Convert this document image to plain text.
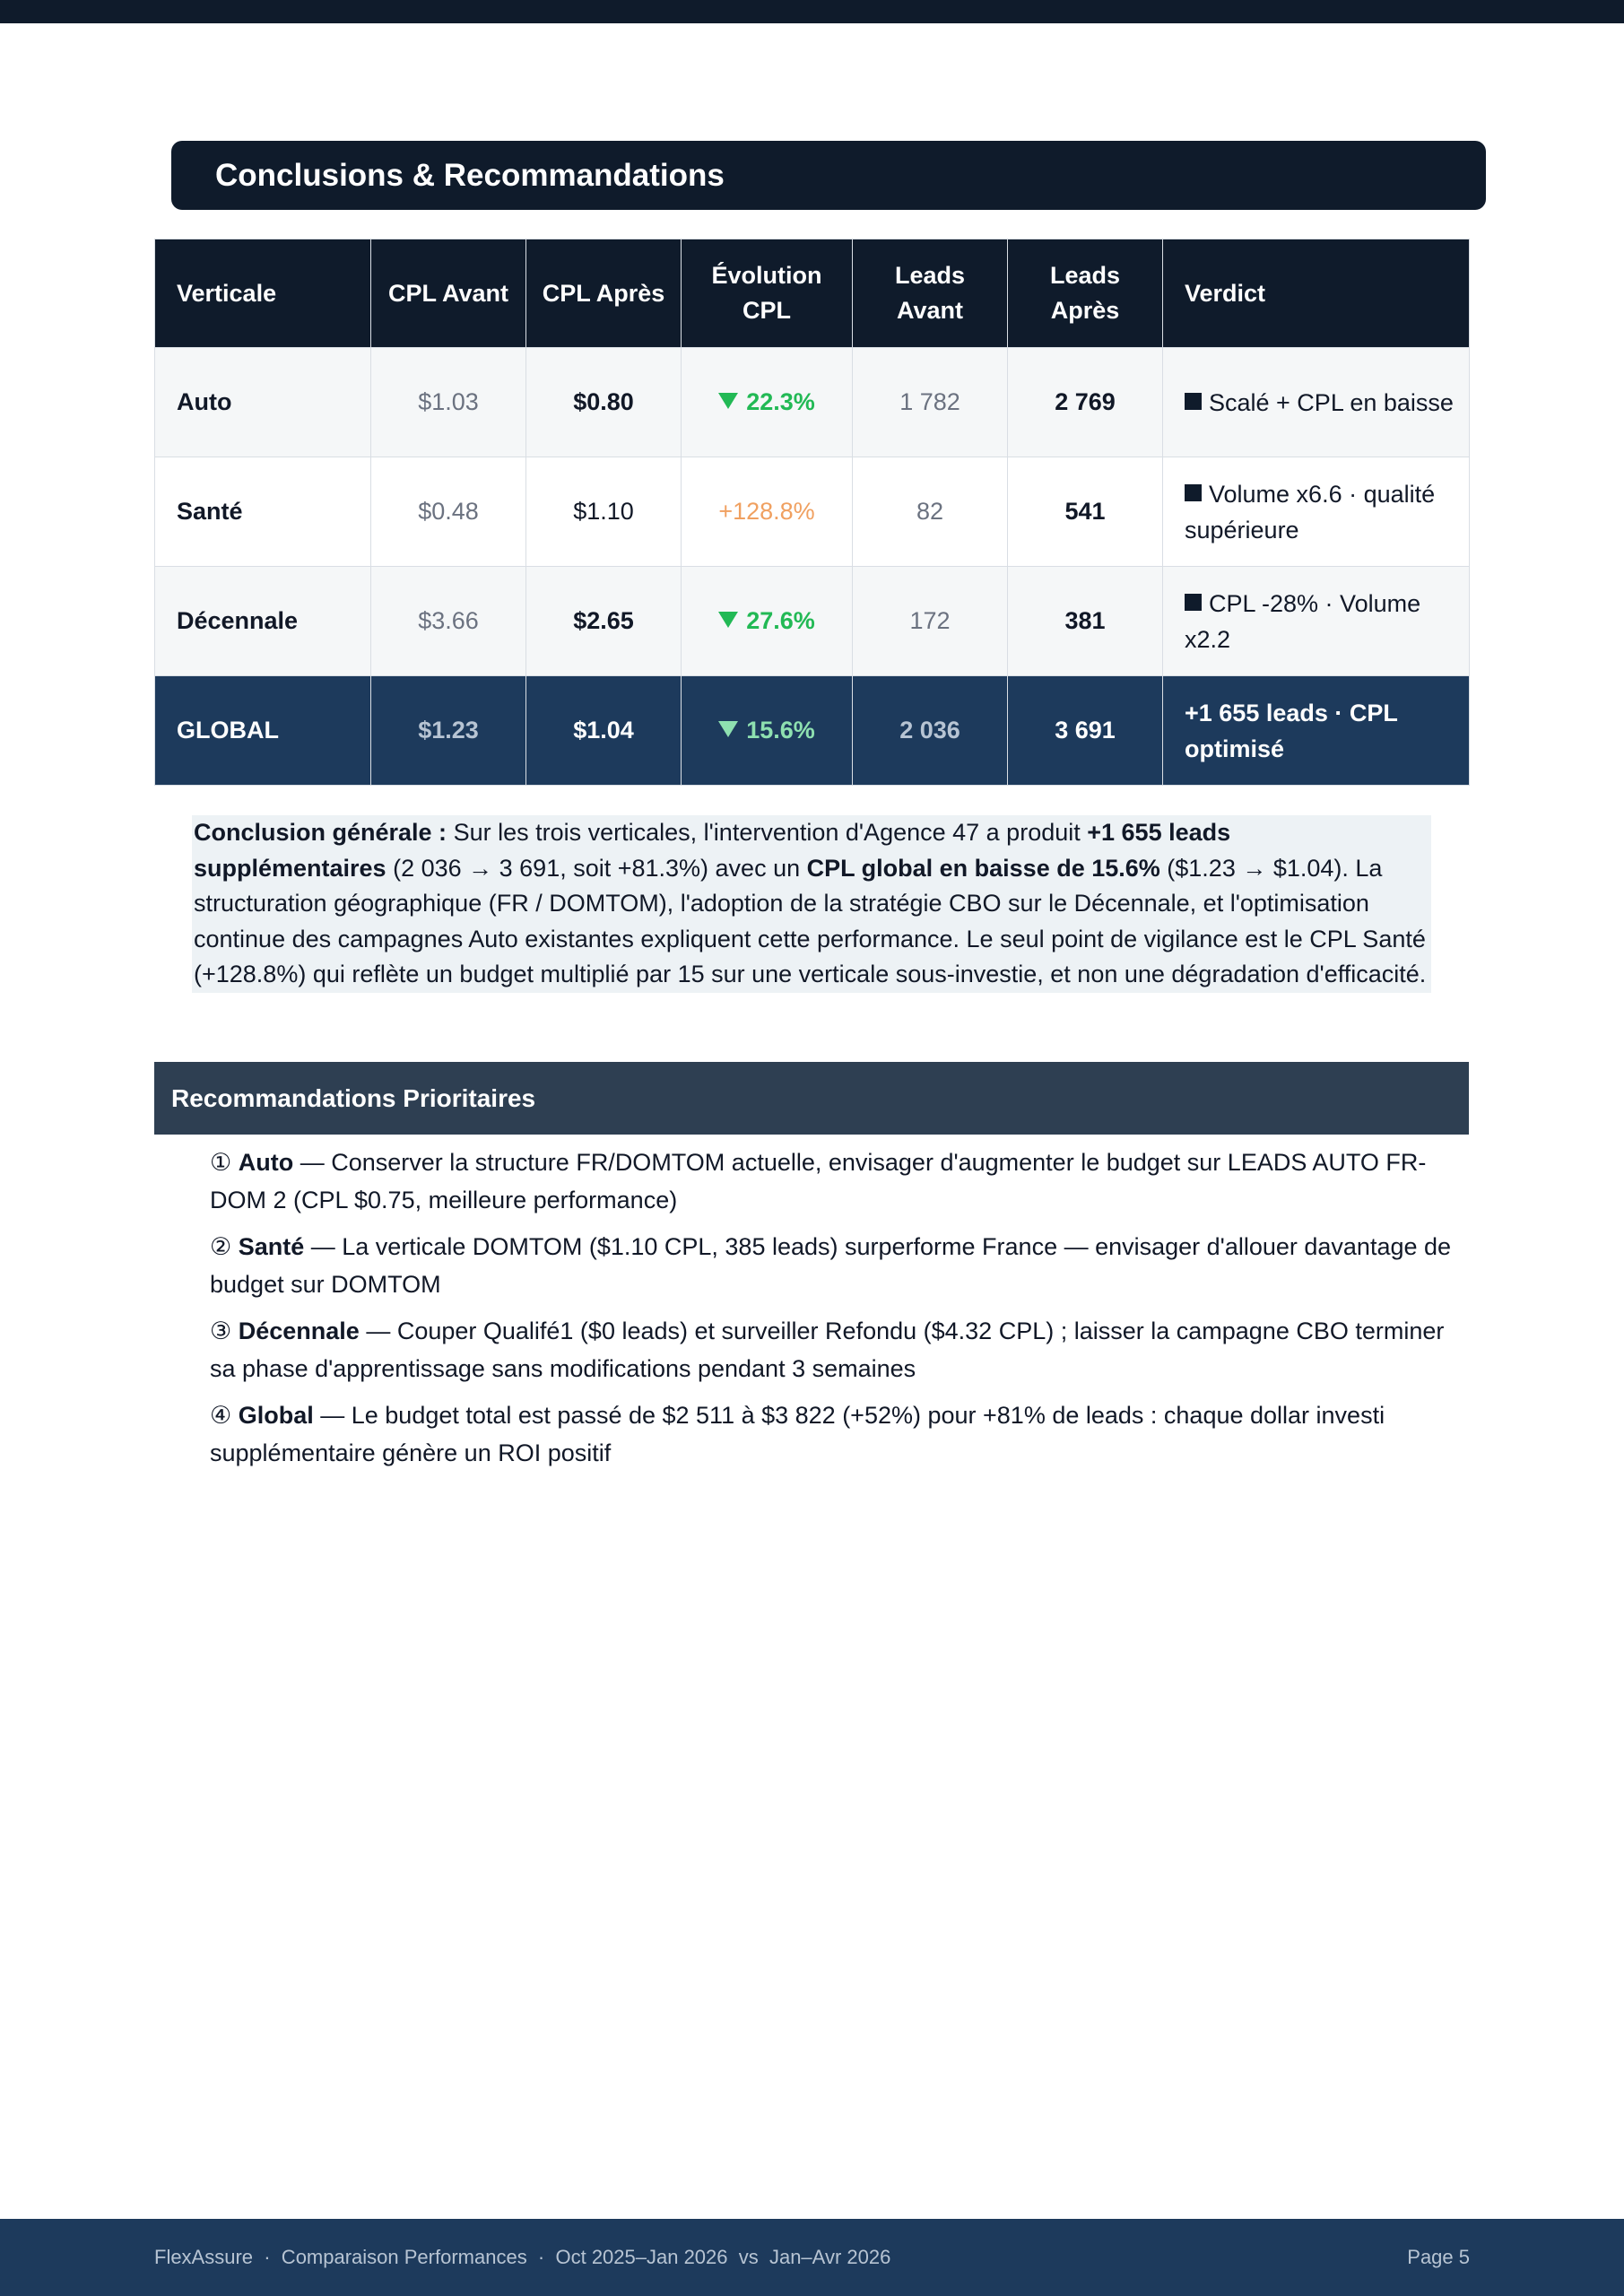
Conclusions & Recommandations
Verticale	CPL Avant	CPL Après	Évolution CPL	Leads Avant	Leads Après	Verdict
Auto	$1.03	$0.80	22.3%	1 782	2 769	Scalé + CPL en baisse
Santé	$0.48	$1.10	+128.8%	82	541	Volume x6.6 · qualité supérieure
Décennale	$3.66	$2.65	27.6%	172	381	CPL -28% · Volume x2.2
GLOBAL	$1.23	$1.04	15.6%	2 036	3 691	+1 655 leads · CPL optimisé
Conclusion générale : Sur les trois verticales, l'intervention d'Agence 47 a produit +1 655 leads supplémentaires (2 036 → 3 691, soit +81.3%) avec un CPL global en baisse de 15.6% ($1.23 → $1.04). La structuration géographique (FR / DOMTOM), l'adoption de la stratégie CBO sur le Décennale, et l'optimisation continue des campagnes Auto existantes expliquent cette performance. Le seul point de vigilance est le CPL Santé (+128.8%) qui reflète un budget multiplié par 15 sur une verticale sous-investie, et non une dégradation d'efficacité.
Recommandations Prioritaires
① Auto — Conserver la structure FR/DOMTOM actuelle, envisager d'augmenter le budget sur LEADS AUTO FR-DOM 2 (CPL $0.75, meilleure performance)
② Santé — La verticale DOMTOM ($1.10 CPL, 385 leads) surperforme France — envisager d'allouer davantage de budget sur DOMTOM
③ Décennale — Couper Qualifé1 ($0 leads) et surveiller Refondu ($4.32 CPL) ; laisser la campagne CBO terminer sa phase d'apprentissage sans modifications pendant 3 semaines
④ Global — Le budget total est passé de $2 511 à $3 822 (+52%) pour +81% de leads : chaque dollar investi supplémentaire génère un ROI positif
FlexAssure  ·  Comparaison Performances  ·  Oct 2025–Jan 2026  vs  Jan–Avr 2026	Page 5
